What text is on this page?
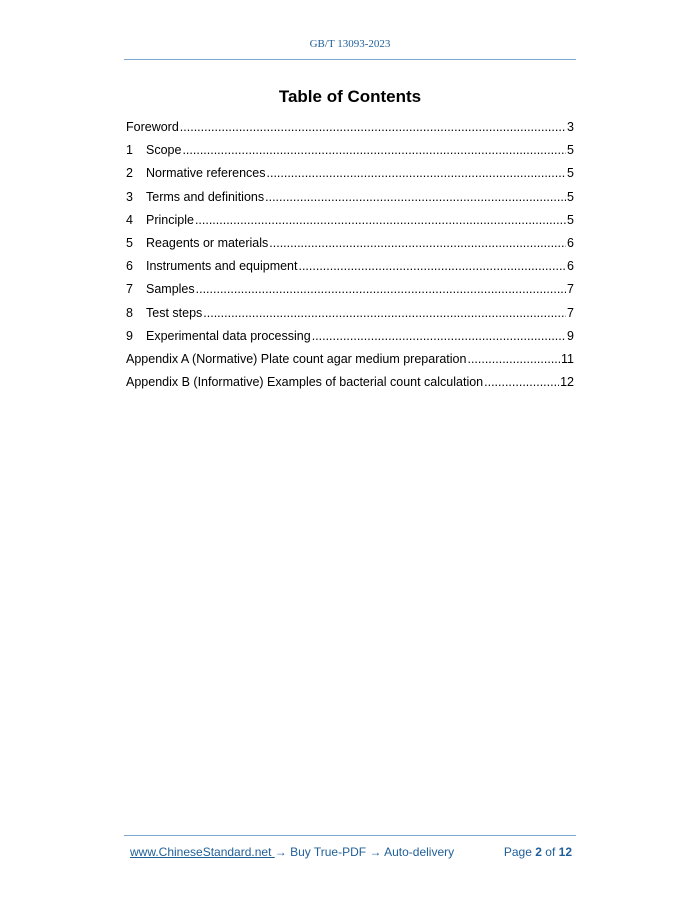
GB/T 13093-2023
Table of Contents
Foreword .....	3
1	Scope .....	5
2	Normative references .....	5
3	Terms and definitions .....	5
4	Principle .....	5
5	Reagents or materials .....	6
6	Instruments and equipment .....	6
7	Samples .....	7
8	Test steps .....	7
9	Experimental data processing .....	9
Appendix A (Normative) Plate count agar medium preparation .....	11
Appendix B (Informative) Examples of bacterial count calculation .....	12
www.ChineseStandard.net → Buy True-PDF → Auto-delivery	Page 2 of 12
